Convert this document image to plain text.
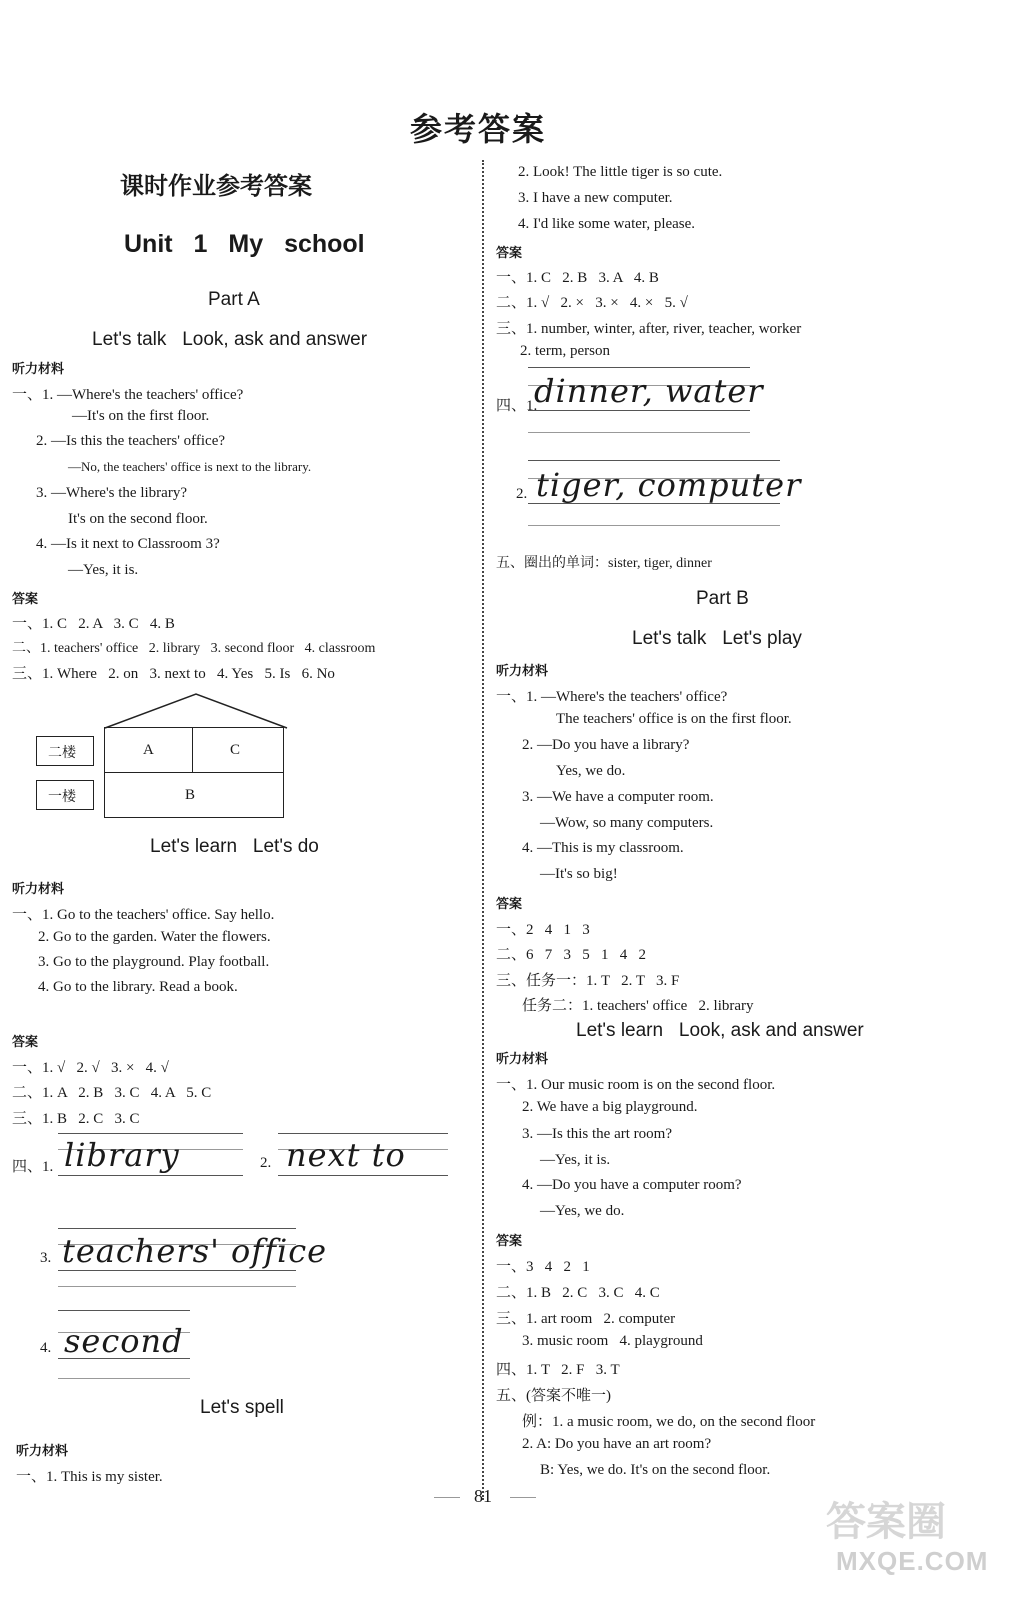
参考答案
课时作业参考答案
Unit 1 My school
Part A
Let's talk   Look, ask and answer
听力材料
一、1. —Where's the teachers' office?
—It's on the first floor.
2. —Is this the teachers' office?
—No, the teachers' office is next to the library.
3. —Where's the library?
It's on the second floor.
4. —Is it next to Classroom 3?
—Yes, it is.
答案
一、1. C   2. A   3. C   4. B
二、1. teachers' office   2. library   3. second floor   4. classroom
三、1. Where   2. on   3. next to   4. Yes   5. Is   6. No
A	C
B
二楼
一楼
Let's learn   Let's do
听力材料
一、1. Go to the teachers' office. Say hello.
2. Go to the garden. Water the flowers.
3. Go to the playground. Play football.
4. Go to the library. Read a book.
答案
一、1. √   2. √   3. ×   4. √
二、1. A   2. B   3. C   4. A   5. C
三、1. B   2. C   3. C
四、1. library	2. next to
3. teachers' office
4. second
Let's spell
听力材料
一、1. This is my sister.
2. Look! The little tiger is so cute.
3. I have a new computer.
4. I'd like some water, please.
答案
一、1. C   2. B   3. A   4. B
二、1. √   2. ×   3. ×   4. ×   5. √
三、1. number, winter, after, river, teacher, worker
2. term, person
四、1.
dinner, water
2. tiger, computer
五、圈出的单词：sister, tiger, dinner
Part B
Let's talk   Let's play
听力材料
一、1. —Where's the teachers' office?
The teachers' office is on the first floor.
2. —Do you have a library?
Yes, we do.
3. —We have a computer room.
—Wow, so many computers.
4. —This is my classroom.
—It's so big!
答案
一、2   4   1   3
二、6   7   3   5   1   4   2
三、任务一：1. T   2. T   3. F
任务二：1. teachers' office   2. library
Let's learn   Look, ask and answer
听力材料
一、1. Our music room is on the second floor.
2. We have a big playground.
3. —Is this the art room?
—Yes, it is.
4. —Do you have a computer room?
—Yes, we do.
答案
一、3   4   2   1
二、1. B   2. C   3. C   4. C
三、1. art room   2. computer
3. music room   4. playground
四、1. T   2. F   3. T
五、(答案不唯一)
例：1. a music room, we do, on the second floor
2. A: Do you have an art room?
B: Yes, we do. It's on the second floor.
81
答案圈
MXQE.COM
